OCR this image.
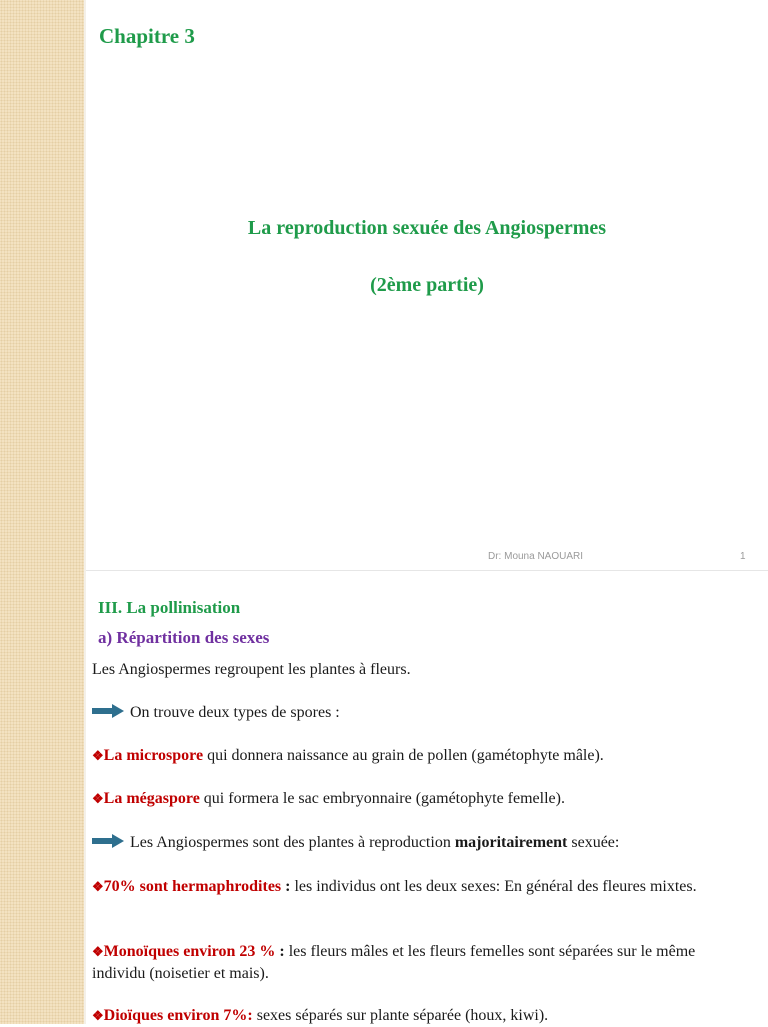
Chapitre 3
La reproduction sexuée des Angiospermes
(2ème partie)
Dr: Mouna NAOUARI	1
III. La pollinisation
a) Répartition des sexes
Les Angiospermes regroupent les plantes à fleurs.
On trouve deux types de spores :
❖La microspore qui donnera naissance au grain de pollen (gamétophyte mâle).
❖La mégaspore qui formera le sac embryonnaire (gamétophyte femelle).
Les Angiospermes sont des plantes à reproduction majoritairement sexuée:
❖70% sont hermaphrodites : les individus ont les deux sexes: En général des fleures mixtes.
❖Monoïques environ 23 % : les fleurs mâles et les fleurs femelles sont séparées sur le même individu (noisetier et mais).
❖Dioïques environ 7%: sexes séparés sur plante séparée (houx, kiwi).
